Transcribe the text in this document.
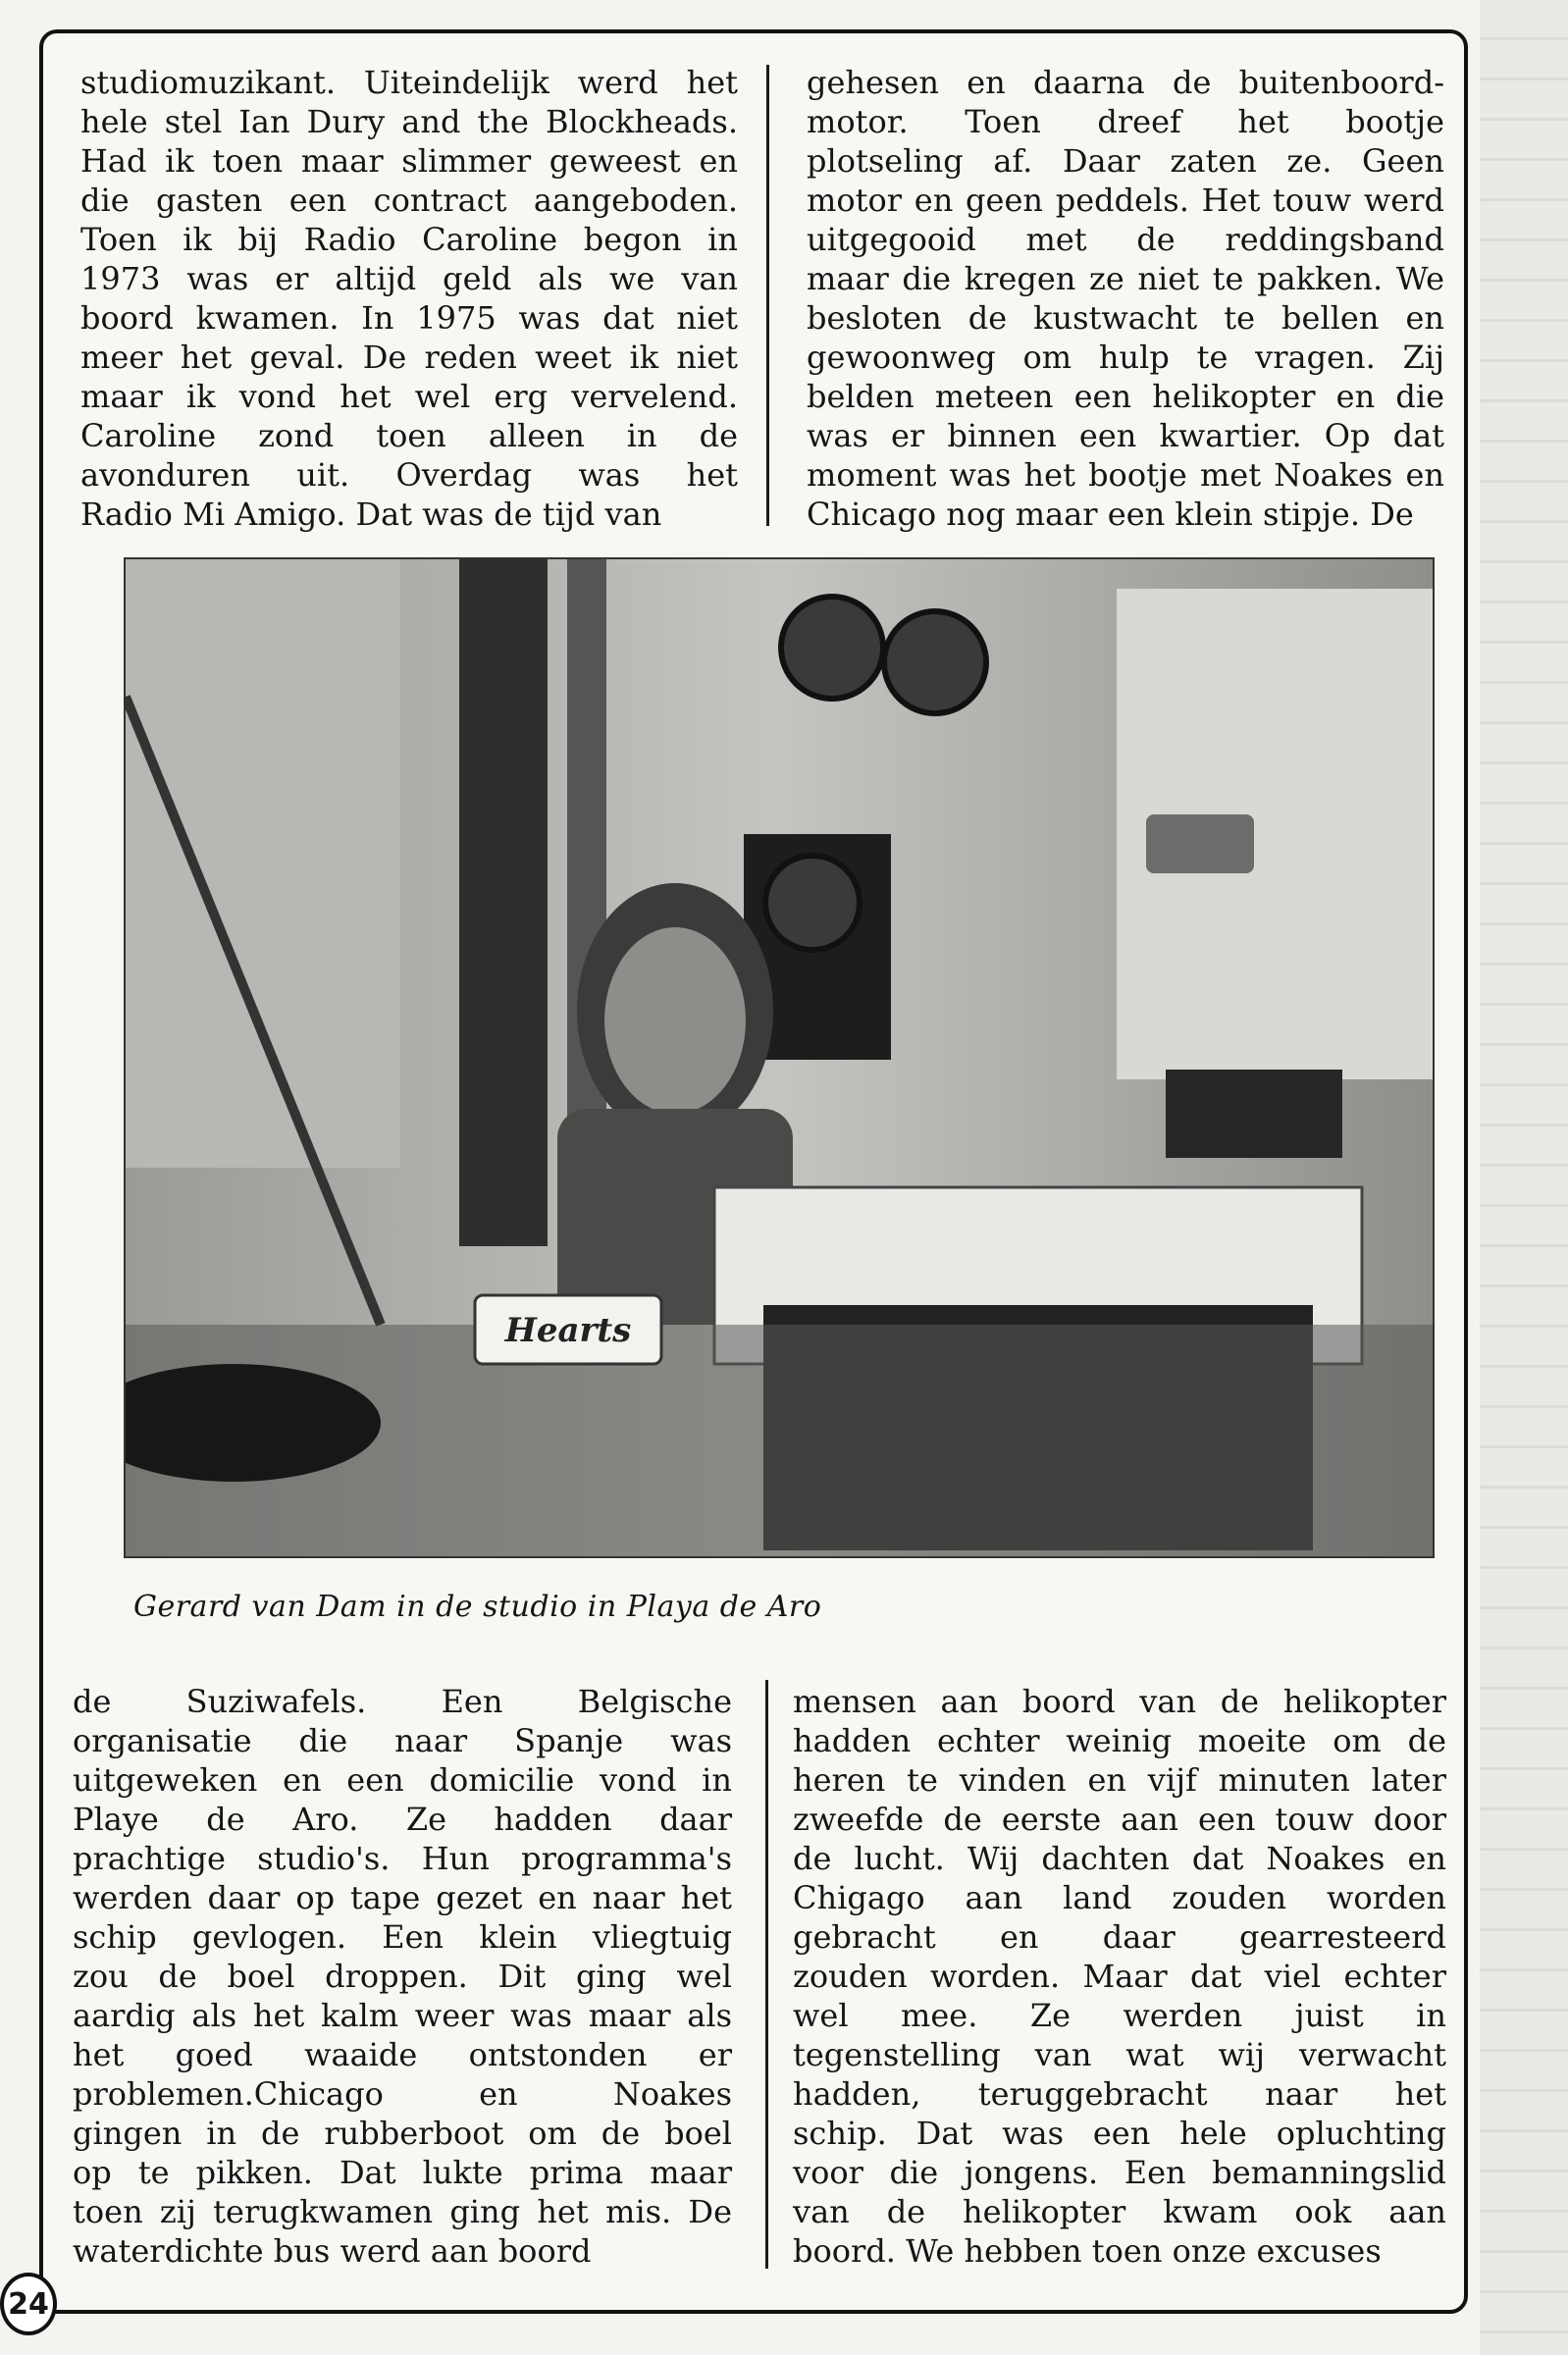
studiomuzikant. Uiteindelijk werd het
hele stel Ian Dury and the Blockheads.
Had ik toen maar slimmer geweest en
die gasten een contract aangeboden.
Toen ik bij Radio Caroline begon in
1973 was er altijd geld als we van
boord kwamen. In 1975 was dat niet
meer het geval. De reden weet ik niet
maar ik vond het wel erg vervelend.
Caroline zond toen alleen in de
avonduren uit. Overdag was het
Radio Mi Amigo. Dat was de tijd van
gehesen en daarna de buitenboord-
motor. Toen dreef het bootje
plotseling af. Daar zaten ze. Geen
motor en geen peddels. Het touw werd
uitgegooid met de reddingsband
maar die kregen ze niet te pakken. We
besloten de kustwacht te bellen en
gewoonweg om hulp te vragen. Zij
belden meteen een helikopter en die
was er binnen een kwartier. Op dat
moment was het bootje met Noakes en
Chicago nog maar een klein stipje. De
Hearts
Gerard van Dam in de studio in Playa de Aro
de Suziwafels. Een Belgische
organisatie die naar Spanje was
uitgeweken en een domicilie vond in
Playe de Aro. Ze hadden daar
prachtige studio's. Hun programma's
werden daar op tape gezet en naar het
schip gevlogen. Een klein vliegtuig
zou de boel droppen. Dit ging wel
aardig als het kalm weer was maar als
het goed waaide ontstonden er
problemen.Chicago en Noakes
gingen in de rubberboot om de boel
op te pikken. Dat lukte prima maar
toen zij terugkwamen ging het mis. De
waterdichte bus werd aan boord
mensen aan boord van de helikopter
hadden echter weinig moeite om de
heren te vinden en vijf minuten later
zweefde de eerste aan een touw door
de lucht. Wij dachten dat Noakes en
Chigago aan land zouden worden
gebracht en daar gearresteerd
zouden worden. Maar dat viel echter
wel mee. Ze werden juist in
tegenstelling van wat wij verwacht
hadden, teruggebracht naar het
schip. Dat was een hele opluchting
voor die jongens. Een bemanningslid
van de helikopter kwam ook aan
boord. We hebben toen onze excuses
24
